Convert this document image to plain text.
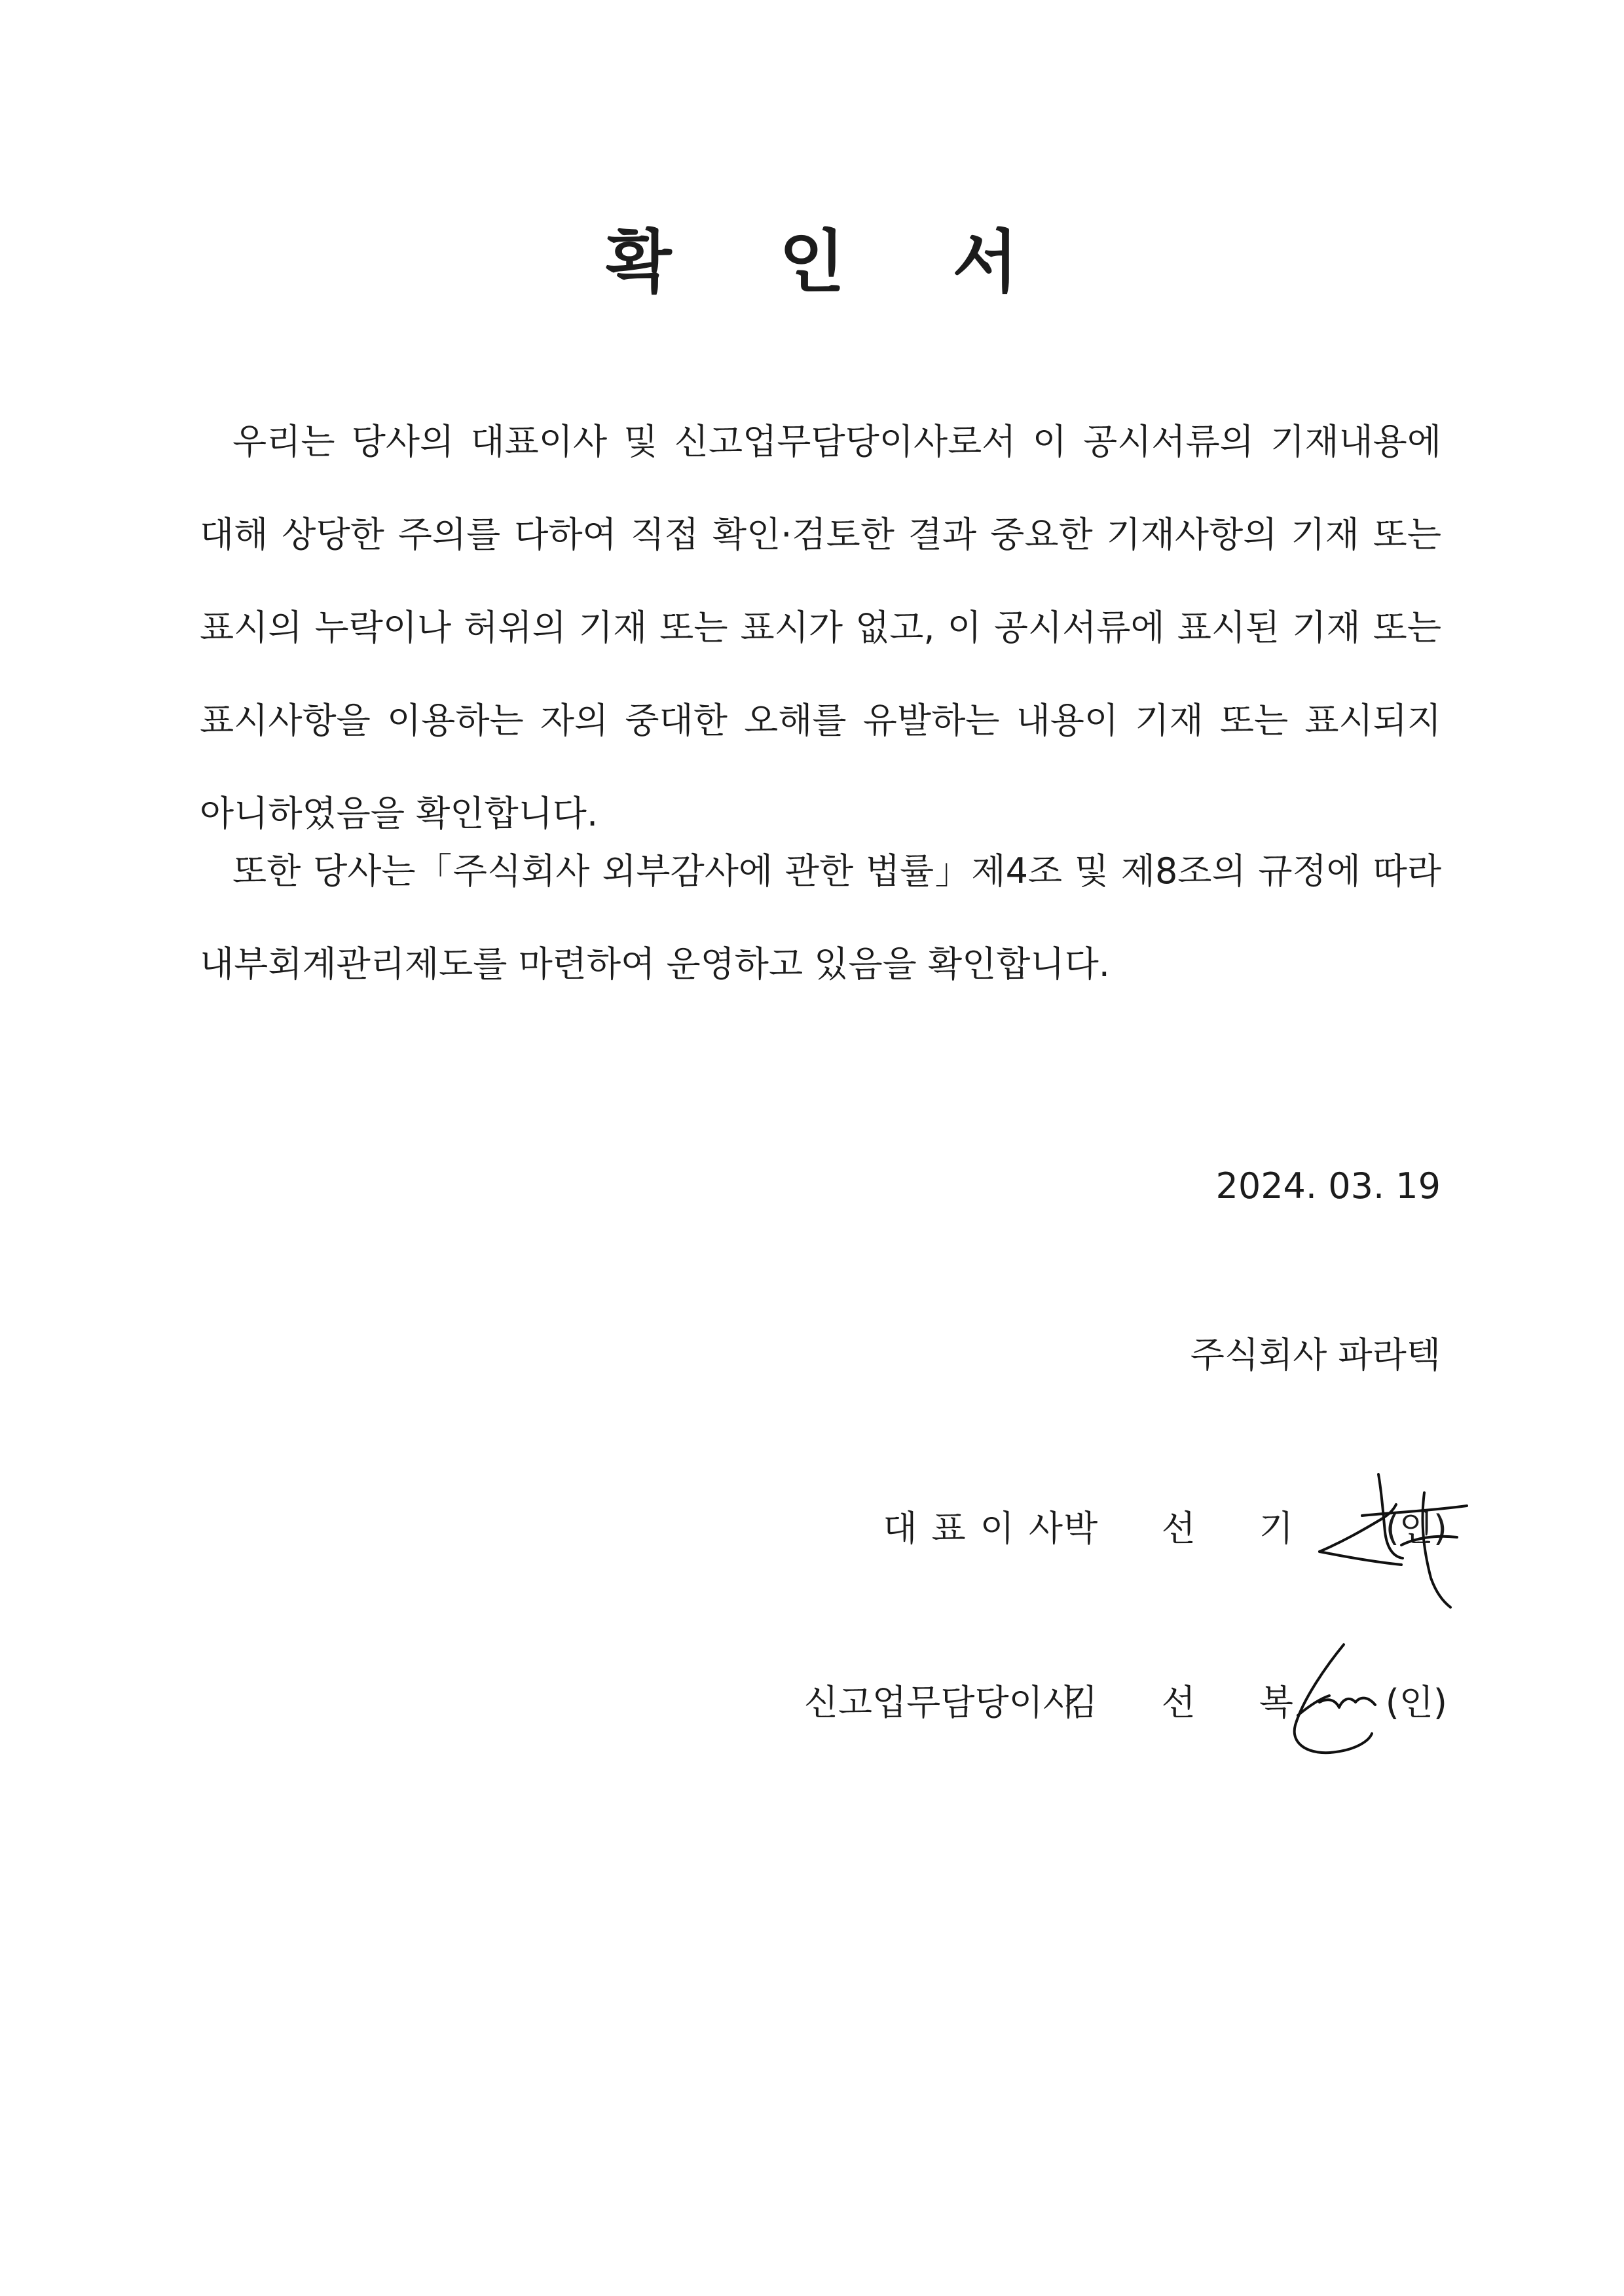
확 인 서

우리는 당사의 대표이사 및 신고업무담당이사로서 이 공시서류의 기재내용에 대해 상당한 주의를 다하여 직접 확인·검토한 결과 중요한 기재사항의 기재 또는 표시의 누락이나 허위의 기재 또는 표시가 없고, 이 공시서류에 표시된 기재 또는 표시사항을 이용하는 자의 중대한 오해를 유발하는 내용이 기재 또는 표시되지 아니하였음을 확인합니다.

또한 당사는「주식회사 외부감사에 관한 법률」제4조 및 제8조의 규정에 따라 내부회계관리제도를 마련하여 운영하고 있음을 확인합니다.

2024. 03. 19
주식회사 파라텍
대표이사
박 선 기 (인)
신고업무담당이사
김 선 복 (인)
